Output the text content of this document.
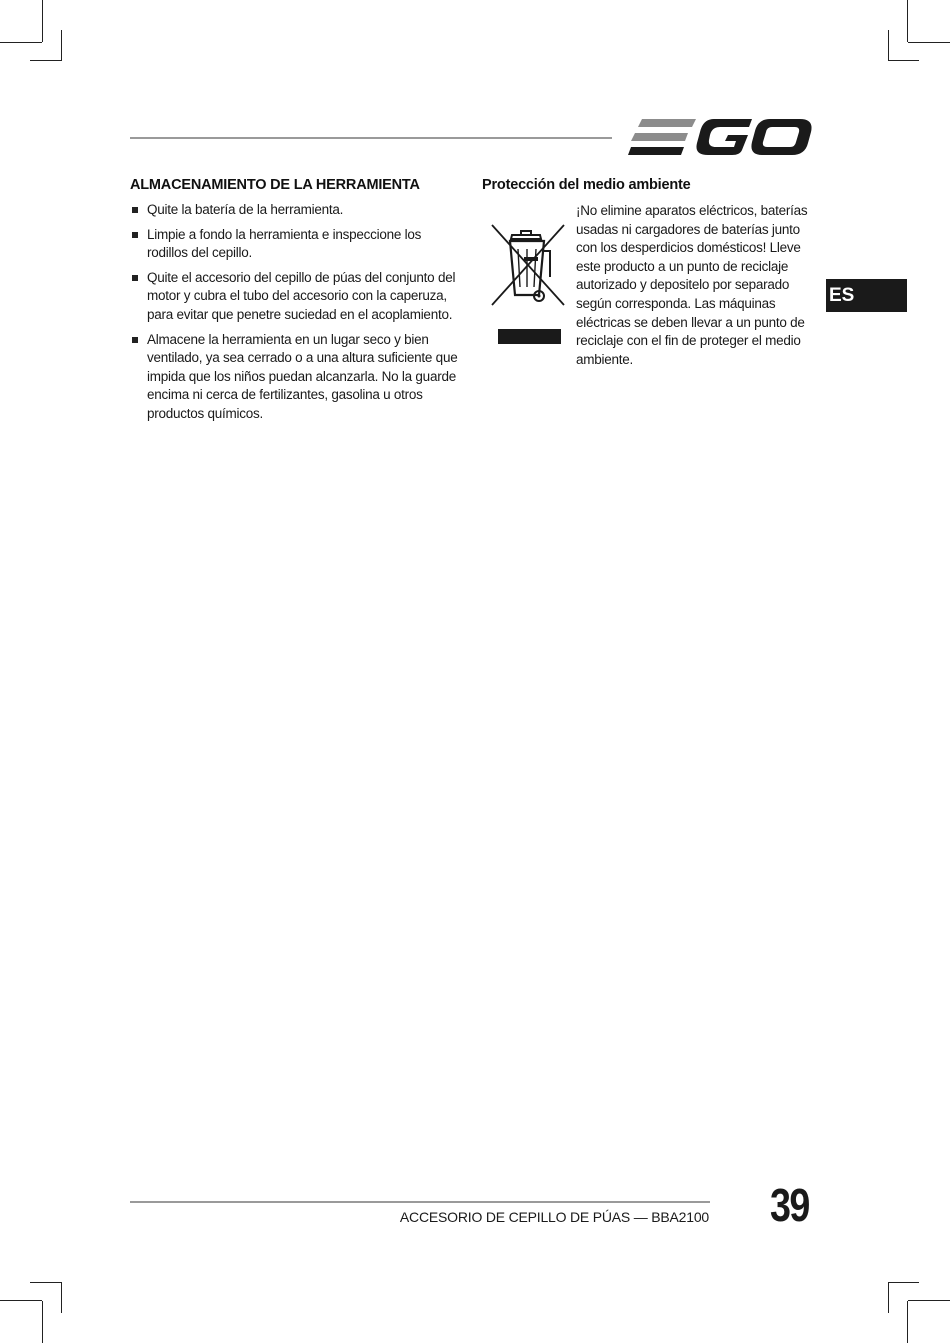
ALMACENAMIENTO DE LA HERRAMIENTA
Quite la batería de la herramienta.
Limpie a fondo la herramienta e inspeccione los rodillos del cepillo.
Quite el accesorio del cepillo de púas del conjunto del motor y cubra el tubo del accesorio con la caperuza, para evitar que penetre suciedad en el acoplamiento.
Almacene la herramienta en un lugar seco y bien ventilado, ya sea cerrado o a una altura suficiente que impida que los niños puedan alcanzarla. No la guarde encima ni cerca de fertilizantes, gasolina u otros productos químicos.
Protección del medio ambiente
¡No elimine aparatos eléctricos, baterías usadas ni cargadores de baterías junto con los desperdicios domésticos! Lleve este producto a un punto de reciclaje autorizado y depositelo por separado según corresponda. Las máquinas eléctricas se deben llevar a un punto de reciclaje con el fin de proteger el medio ambiente.
ES
ACCESORIO DE CEPILLO DE PÚAS — BBA2100 39
